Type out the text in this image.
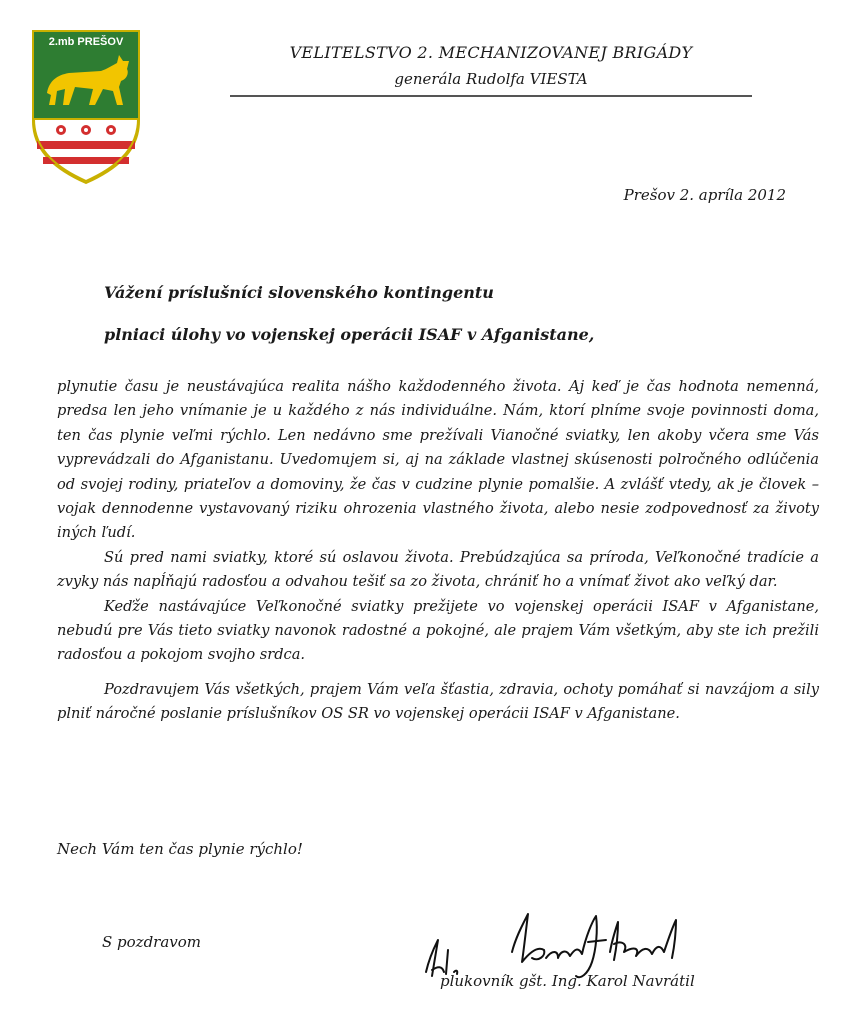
2.mb PREŠOV
VELITELSTVO 2. MECHANIZOVANEJ BRIGÁDY
generála Rudolfa VIESTA
Prešov 2. apríla 2012
Vážení príslušníci slovenského kontingentu
plniaci úlohy vo vojenskej operácii ISAF v Afganistane,

plynutie času je neustávajúca realita nášho každodenného života. Aj keď je čas hodnota nemenná, predsa len jeho vnímanie je u každého z nás individuálne. Nám, ktorí plníme svoje povinnosti doma, ten čas plynie veľmi rýchlo. Len nedávno sme prežívali Vianočné sviatky, len akoby včera sme Vás vyprevádzali do Afganistanu. Uvedomujem si, aj na základe vlastnej skúsenosti polročného odlúčenia od svojej rodiny, priateľov a domoviny, že čas v cudzine plynie pomalšie. A zvlášť vtedy, ak je človek – vojak dennodenne vystavovaný riziku ohrozenia vlastného života, alebo nesie zodpovednosť za životy iných ľudí.

Sú pred nami sviatky, ktoré sú oslavou života. Prebúdzajúca sa príroda, Veľkonočné tradície a zvyky nás napĺňajú radosťou a odvahou tešiť sa zo života, chrániť ho a vnímať život ako veľký dar.

Keďže nastávajúce Veľkonočné sviatky prežijete vo vojenskej operácii ISAF v Afganistane, nebudú pre Vás tieto sviatky navonok radostné a pokojné, ale prajem Vám všetkým, aby ste ich prežili radosťou a pokojom svojho srdca.

Pozdravujem Vás všetkých, prajem Vám veľa šťastia, zdravia, ochoty pomáhať si navzájom a sily plniť náročné poslanie príslušníkov OS SR vo vojenskej operácii ISAF v Afganistane.

Nech Vám ten čas plynie rýchlo!
S pozdravom
plukovník gšt. Ing. Karol Navrátil
